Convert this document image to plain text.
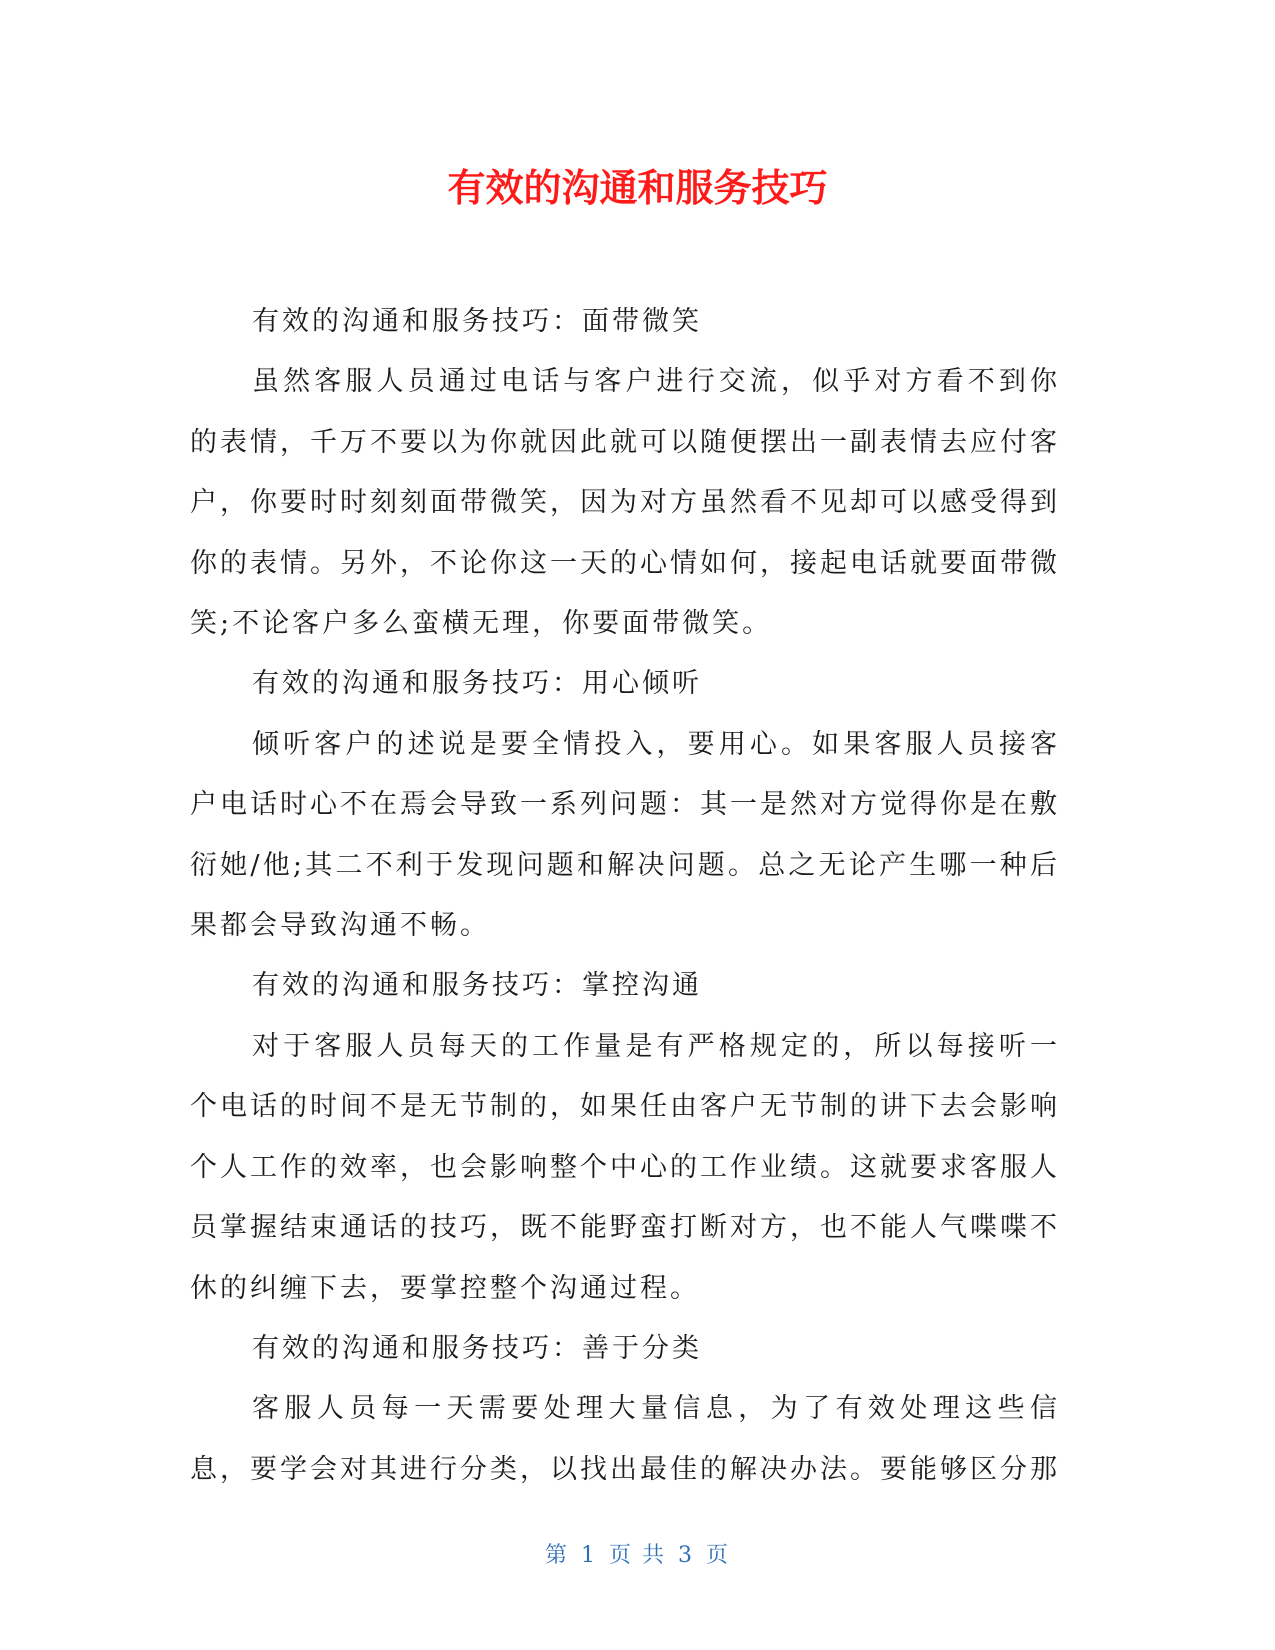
有效的沟通和服务技巧

有效的沟通和服务技巧：面带微笑

虽然客服人员通过电话与客户进行交流，似乎对方看不到你的表情，千万不要以为你就因此就可以随便摆出一副表情去应付客户，你要时时刻刻面带微笑，因为对方虽然看不见却可以感受得到你的表情。另外，不论你这一天的心情如何，接起电话就要面带微笑;不论客户多么蛮横无理，你要面带微笑。

有效的沟通和服务技巧：用心倾听

倾听客户的述说是要全情投入，要用心。如果客服人员接客户电话时心不在焉会导致一系列问题：其一是然对方觉得你是在敷衍她/他;其二不利于发现问题和解决问题。总之无论产生哪一种后果都会导致沟通不畅。

有效的沟通和服务技巧：掌控沟通

对于客服人员每天的工作量是有严格规定的，所以每接听一个电话的时间不是无节制的，如果任由客户无节制的讲下去会影响个人工作的效率，也会影响整个中心的工作业绩。这就要求客服人员掌握结束通话的技巧，既不能野蛮打断对方，也不能人气喋喋不休的纠缠下去，要掌控整个沟通过程。

有效的沟通和服务技巧：善于分类

客服人员每一天需要处理大量信息，为了有效处理这些信息，要学会对其进行分类，以找出最佳的解决办法。要能够区分那

第 1 页 共 3 页
